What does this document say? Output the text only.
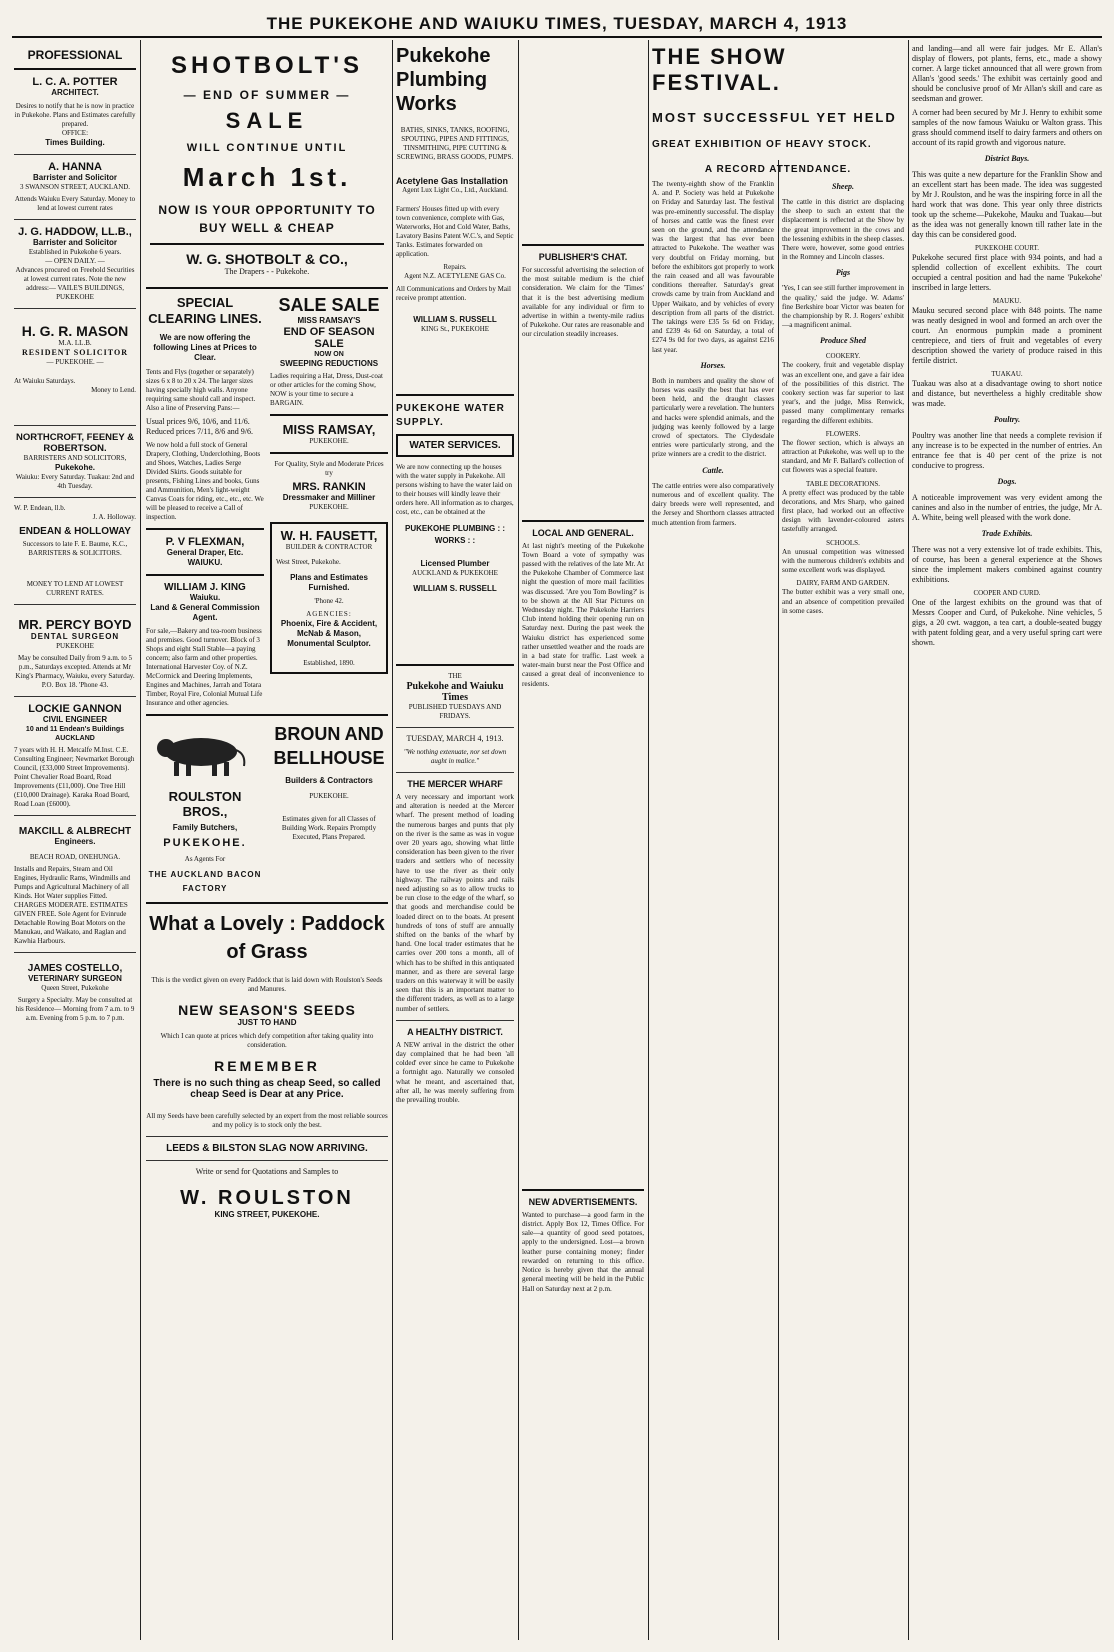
THE PUKEKOHE AND WAIUKU TIMES, TUESDAY, MARCH 4, 1913
PROFESSIONAL
L. C. A. POTTER
ARCHITECT.
Desires to notify that he is now in practice in Pukekohe. Plans and Estimates carefully prepared.
OFFICE:
Times Building.
A. HANNA
Barrister and Solicitor
3 SWANSON STREET, AUCKLAND.
Attends Waiuku Every Saturday. Money to lend at lowest current rates
J. G. HADDOW, LL.B.,
Barrister and Solicitor
Established in Pukekohe 6 years.
— OPEN DAILY. —
Advances procured on Freehold Securities at lowest current rates. Note the new address:— VAILE'S BUILDINGS, PUKEKOHE
H. G. R. MASON
M.A. LL.B.
RESIDENT SOLICITOR
— PUKEKOHE. —
At Waiuku Saturdays.
Money to Lend.
NORTHCROFT, FEENEY & ROBERTSON.
BARRISTERS AND SOLICITORS,
Pukekohe.
Waiuku: Every Saturday. Tuakau: 2nd and 4th Tuesday.
W. P. Endean, ll.b.
J. A. Holloway.
ENDEAN & HOLLOWAY
Successors to late F. E. Baume, K.C., BARRISTERS & SOLICITORS.
MONEY TO LEND AT LOWEST CURRENT RATES.
MR. PERCY BOYD
DENTAL SURGEON
PUKEKOHE
May be consulted Daily from 9 a.m. to 5 p.m., Saturdays excepted. Attends at Mr King's Pharmacy, Waiuku, every Saturday. P.O. Box 18. 'Phone 43.
LOCKIE GANNON
CIVIL ENGINEER
10 and 11 Endean's Buildings AUCKLAND
7 years with H. H. Metcalfe M.Inst. C.E. Consulting Engineer; Newmarket Borough Council, (£33,000 Street Improvements). Point Chevalier Road Board, Road Improvements (£11,000). One Tree Hill (£10,000 Drainage). Karaka Road Board, Road Loan (£6000).
MAKCILL & ALBRECHT
Engineers.
BEACH ROAD, ONEHUNGA.
Installs and Repairs, Steam and Oil Engines, Hydraulic Rams, Windmills and Pumps and Agricultural Machinery of all Kinds. Hot Water supplies Fitted. CHARGES MODERATE. ESTIMATES GIVEN FREE. Sole Agent for Evinrude Detachable Rowing Boat Motors on the Manukau, and Waikato, and Raglan and Kawhia Harbours.
JAMES COSTELLO,
VETERINARY SURGEON
Queen Street, Pukekohe
Surgery a Specialty. May be consulted at his Residence— Morning from 7 a.m. to 9 a.m. Evening from 5 p.m. to 7 p.m.
SHOTBOLT'S
— END OF SUMMER —
SALE
WILL CONTINUE UNTIL
March 1st.
NOW IS YOUR OPPORTUNITY TO BUY WELL & CHEAP
W. G. SHOTBOLT & CO.,
The Drapers - - Pukekohe.
SPECIAL CLEARING LINES.
We are now offering the following Lines at Prices to Clear.
Tents and Flys (together or separately) sizes 6 x 8 to 20 x 24. The larger sizes having specially high walls. Anyone requiring same should call and inspect. Also a line of Preserving Pans:—
Usual prices 9/6, 10/6, and 11/6. Reduced prices 7/11, 8/6 and 9/6.
We now hold a full stock of General Drapery, Clothing, Underclothing, Boots and Shoes, Watches, Ladies Serge Divided Skirts. Goods suitable for presents, Fishing Lines and books, Guns and Ammunition, Men's light-weight Canvas Coats for riding, etc., etc., etc. We will be pleased to receive a Call of inspection.
P. V FLEXMAN,
General Draper, Etc.
WAIUKU.
WILLIAM J. KING
Waiuku.
Land & General Commission Agent.
For sale,—Bakery and tea-room business and premises. Good turnover. Block of 3 Shops and eight Stall Stable—a paying concern; also farm and other properties. International Harvester Coy. of N.Z. McCormick and Deering Implements, Engines and Machines, Jarrah and Totara Timber, Royal Fire, Colonial Mutual Life Insurance and other agencies.
SALE SALE
MISS RAMSAY'S
END OF SEASON SALE
NOW ON
SWEEPING REDUCTIONS
Ladies requiring a Hat, Dress, Dust-coat or other articles for the coming Show, NOW is your time to secure a BARGAIN.
MISS RAMSAY,
PUKEKOHE.
For Quality, Style and Moderate Prices try
MRS. RANKIN
Dressmaker and Milliner
PUKEKOHE.
W. H. FAUSETT,
BUILDER & CONTRACTOR
West Street, Pukekohe.
Plans and Estimates Furnished.
'Phone 42.
AGENCIES:
Phoenix, Fire & Accident, McNab & Mason, Monumental Sculptor.
Established, 1890.
ROULSTON BROS.,
Family Butchers,
PUKEKOHE.
As Agents For
THE AUCKLAND BACON FACTORY
BROUN AND BELLHOUSE
Builders & Contractors
PUKEKOHE.
Estimates given for all Classes of Building Work. Repairs Promptly Executed, Plans Prepared.
What a Lovely : Paddock of Grass
This is the verdict given on every Paddock that is laid down with Roulston's Seeds and Manures.
NEW SEASON'S SEEDS
JUST TO HAND
Which I can quote at prices which defy competition after taking quality into consideration.
REMEMBER
There is no such thing as cheap Seed, so called cheap Seed is Dear at any Price.
All my Seeds have been carefully selected by an expert from the most reliable sources and my policy is to stock only the best.
LEEDS & BILSTON SLAG NOW ARRIVING.
Write or send for Quotations and Samples to
W. ROULSTON
KING STREET, PUKEKOHE.
Pukekohe Plumbing Works
BATHS, SINKS, TANKS, ROOFING, SPOUTING, PIPES AND FITTINGS, TINSMITHING, PIPE CUTTING & SCREWING, BRASS GOODS, PUMPS.
Acetylene Gas Installation
Agent Lux Light Co., Ltd., Auckland.
Farmers' Houses fitted up with every town convenience, complete with Gas, Waterworks, Hot and Cold Water, Baths, Lavatory Basins Patent W.C.'s, and Septic Tanks. Estimates forwarded on application.
Repairs.
Agent N.Z. ACETYLENE GAS Co.
All Communications and Orders by Mail receive prompt attention.
WILLIAM S. RUSSELL
KING St., PUKEKOHE
PUKEKOHE WATER SUPPLY.
WATER SERVICES.
We are now connecting up the houses with the water supply in Pukekohe. All persons wishing to have the water laid on to their houses will kindly leave their orders here. All information as to charges, cost, etc., can be obtained at the
PUKEKOHE PLUMBING : : WORKS : :
Licensed Plumber
AUCKLAND & PUKEKOHE
WILLIAM S. RUSSELL
THE
Pukekohe and Waiuku Times
PUBLISHED TUESDAYS AND FRIDAYS.
TUESDAY, MARCH 4, 1913.
"We nothing extenuate, nor set down aught in malice."
THE MERCER WHARF
A very necessary and important work and alteration is needed at the Mercer wharf. The present method of loading the numerous barges and punts that ply on the river is the same as was in vogue over 20 years ago, showing what little consideration has been given to the river traders and settlers who of necessity have to use the river as their only highway. The railway points and rails need adjusting so as to allow trucks to be run close to the edge of the wharf, so that goods and merchandise could be loaded direct on to the boats. At present hundreds of tons of stuff are annually shifted on the banks of the wharf by hand. One local trader estimates that he carries over 200 tons a month, all of which has to be shifted in this antiquated manner, and as there are several large traders on this waterway it will be easily seen that this is an important matter to the different traders, as well as to a large number of settlers.
A HEALTHY DISTRICT.
A NEW arrival in the district the other day complained that he had been 'all colded' ever since he came to Pukekohe a fortnight ago. Naturally we consoled what he meant, and ascertained that, after all, he was merely suffering from the prevailing trouble.
PUBLISHER'S CHAT.
For successful advertising the selection of the most suitable medium is the chief consideration. We claim for the 'Times' that it is the best advertising medium available for any individual or firm to advertise in within a twenty-mile radius of Pukekohe. Our rates are reasonable and our circulation steadily increases.
LOCAL AND GENERAL.
At last night's meeting of the Pukekohe Town Board a vote of sympathy was passed with the relatives of the late Mr. At the Pukekohe Chamber of Commerce last night the question of more mail facilities was discussed. 'Are you Tom Bowling?' is to be shown at the All Star Pictures on Wednesday night. The Pukekohe Harriers Club intend holding their opening run on Saturday next. During the past week the Waiuku district has experienced some rather unsettled weather and the roads are in a bad state for traffic. Last week a water-main burst near the Post Office and caused a great deal of inconvenience to residents.
NEW ADVERTISEMENTS.
Wanted to purchase—a good farm in the district. Apply Box 12, Times Office. For sale—a quantity of good seed potatoes, apply to the undersigned. Lost—a brown leather purse containing money; finder rewarded on returning to this office. Notice is hereby given that the annual general meeting will be held in the Public Hall on Saturday next at 2 p.m.
THE SHOW FESTIVAL.
MOST SUCCESSFUL YET HELD
GREAT EXHIBITION OF HEAVY STOCK.
A RECORD ATTENDANCE.
The twenty-eighth show of the Franklin A. and P. Society was held at Pukekohe on Friday and Saturday last. The festival was pre-eminently successful. The display of horses and cattle was the finest ever seen on the ground, and the attendance was the largest that has ever been attracted to Pukekohe. The weather was very doubtful on Friday morning, but before the exhibitors got properly to work the rain ceased and all was favourable conditions thereafter. Saturday's great crowds came by train from Auckland and Upper Waikato, and by vehicles of every description from all parts of the district. The takings were £35 5s 6d on Friday, and £239 4s 6d on Saturday, a total of £274 9s 0d for two days, as against £216 last year.
Horses.
Both in numbers and quality the show of horses was easily the best that has ever been held, and the draught classes particularly were a revelation. The hunters and hacks were splendid animals, and the judging was keenly followed by a large crowd of spectators. The Clydesdale entries were particularly strong, and the prize winners are a credit to the district.
Cattle.
The cattle entries were also comparatively numerous and of excellent quality. The dairy breeds were well represented, and the Jersey and Shorthorn classes attracted much attention from farmers.
Sheep.
The cattle in this district are displacing the sheep to such an extent that the displacement is reflected at the Show by the great improvement in the cows and the lessening exhibits in the sheep classes. There were, however, some good entries in the Romney and Lincoln classes.
Pigs
'Yes, I can see still further improvement in the quality,' said the judge. W. Adams' fine Berkshire boar Victor was beaten for the championship by R. J. Rogers' exhibit—a magnificent animal.
Produce Shed
COOKERY.
The cookery, fruit and vegetable display was an excellent one, and gave a fair idea of the possibilities of this district. The cookery section was far superior to last year's, and the judge, Miss Renwick, passed many complimentary remarks regarding the different exhibits.
FLOWERS.
The flower section, which is always an attraction at Pukekohe, was well up to the standard, and Mr F. Ballard's collection of cut flowers was a special feature.
TABLE DECORATIONS.
A pretty effect was produced by the table decorations, and Mrs Sharp, who gained first place, had worked out an effective design with lavender-coloured asters tastefully arranged.
SCHOOLS.
An unusual competition was witnessed with the numerous children's exhibits and some excellent work was displayed.
DAIRY, FARM AND GARDEN.
The butter exhibit was a very small one, and an absence of competition prevailed in some cases.
and landing—and all were fair judges. Mr E. Allan's display of flowers, pot plants, ferns, etc., made a showy corner. A large ticket announced that all were grown from Allan's 'good seeds.' The exhibit was certainly good and should be conclusive proof of Mr Allan's skill and care as seedsman and grower.
A corner had been secured by Mr J. Henry to exhibit some samples of the now famous Waiuku or Walton grass. This grass should commend itself to dairy farmers and others on account of its rapid growth and vigorous nature.
District Bays.
This was quite a new departure for the Franklin Show and an excellent start has been made. The idea was suggested by Mr J. Roulston, and he was the inspiring force in all the hard work that was done. This year only three districts took up the scheme—Pukekohe, Mauku and Tuakau—but as the idea was not generally known till rather late in the day this can be considered good.
PUKEKOHE COURT.
Pukekohe secured first place with 934 points, and had a splendid collection of excellent exhibits. The court occupied a central position and had the name 'Pukekohe' inscribed in large letters.
MAUKU.
Mauku secured second place with 848 points. The name was neatly designed in wool and formed an arch over the court. An enormous pumpkin made a prominent centrepiece, and tiers of fruit and vegetables of every description showed the variety of produce raised in this fertile district.
TUAKAU.
Tuakau was also at a disadvantage owing to short notice and distance, but nevertheless a highly creditable show was made.
Poultry.
Poultry was another line that needs a complete revision if any increase is to be expected in the number of entries. An entrance fee that is 40 per cent of the prize is not conducive to progress.
Dogs.
A noticeable improvement was very evident among the canines and also in the number of entries, the judge, Mr A. A. White, being well pleased with the work done.
Trade Exhibits.
There was not a very extensive lot of trade exhibits. This, of course, has been a general experience at the Shows since the implement makers combined against country exhibitions.
COOPER AND CURD.
One of the largest exhibits on the ground was that of Messrs Cooper and Curd, of Pukekohe. Nine vehicles, 5 gigs, a 20 cwt. waggon, a tea cart, a double-seated buggy with patent folding gear, and a very useful spring cart were shown.
